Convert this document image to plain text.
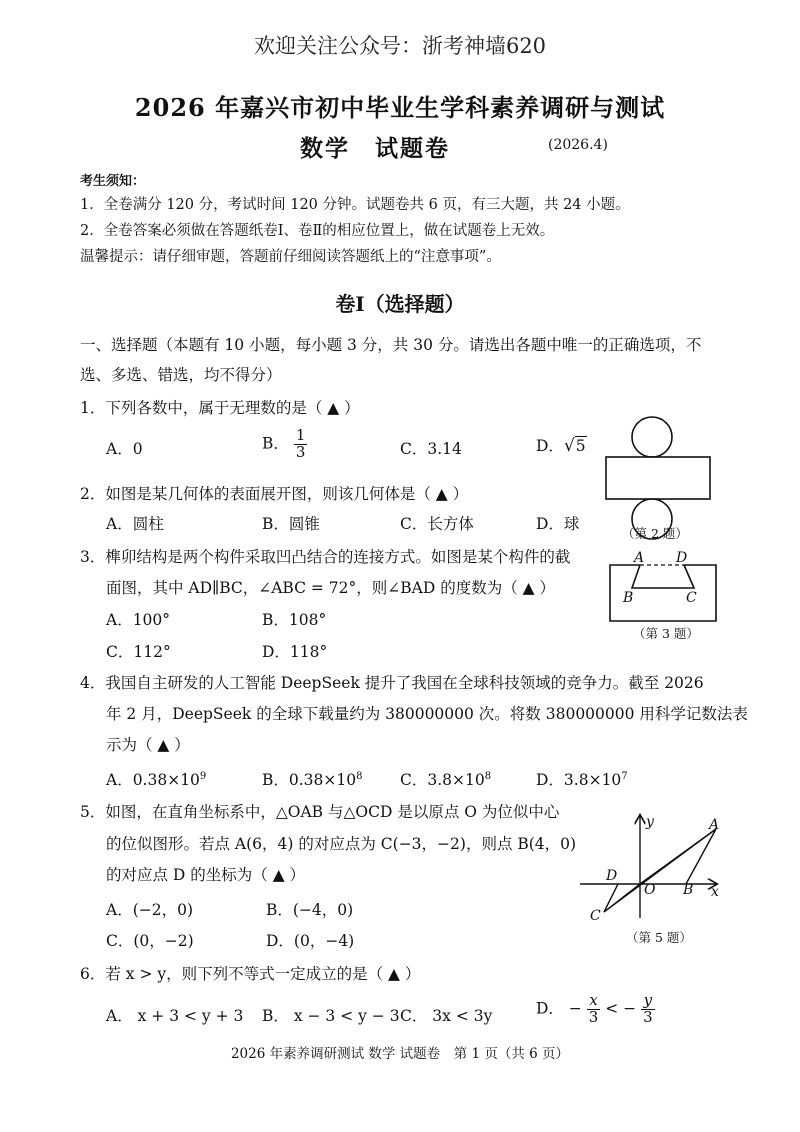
欢迎关注公众号：浙考神墙620
2026 年嘉兴市初中毕业生学科素养调研与测试
数学　试题卷	(2026.4)
考生须知：
1．全卷满分 120 分，考试时间 120 分钟。试题卷共 6 页，有三大题，共 24 小题。
2．全卷答案必须做在答题纸卷Ⅰ、卷Ⅱ的相应位置上，做在试题卷上无效。
温馨提示：请仔细审题，答题前仔细阅读答题纸上的“注意事项”。
卷Ⅰ（选择题）
一、选择题（本题有 10 小题，每小题 3 分，共 30 分。请选出各题中唯一的正确选项，不
选、多选、错选，均不得分）
1．下列各数中，属于无理数的是（ ▲ ）
A．0	B． $\frac{1}{3}$	C．3.14	D．√5
（第 2 题）
2．如图是某几何体的表面展开图，则该几何体是（ ▲ ）
A．圆柱	B．圆锥	C．长方体	D．球
3．榫卯结构是两个构件采取凹凸结合的连接方式。如图是某个构件的截
面图，其中 AD∥BC，∠ABC = 72°，则∠BAD 的度数为（ ▲ ）
A．100°	B．108°
C．112°	D．118°
A D
B	C
（第 3 题）
4．我国自主研发的人工智能 DeepSeek 提升了我国在全球科技领域的竞争力。截至 2026
年 2 月，DeepSeek 的全球下载量约为 380000000 次。将数 380000000 用科学记数法表
示为（ ▲ ）
A．$0.38\times 10^9$	B．$0.38\times 10^8$ C．$3.8\times 10^8$	D．$3.8\times 10^7$
5．如图，在直角坐标系中，△OAB 与△OCD 是以原点 O 为位似中心
的位似图形。若点 A(6，4) 的对应点为 C(−3，−2)，则点 B(4，0)
的对应点 D 的坐标为（ ▲ ）
A．(−2，0)	B．(−4，0)
C．(0，−2)	D．(0，−4)
y	A
D
O B x
C
（第 5 题）
6．若 x > y，则下列不等式一定成立的是（ ▲ ）
A． x + 3 < y + 3 B． x − 3 < y − 3 C． 3x < 3y	D． − $\frac{x}{3}$ < − $\frac{y}{3}$
2026 年素养调研测试 数学 试题卷　第 1 页（共 6 页）
